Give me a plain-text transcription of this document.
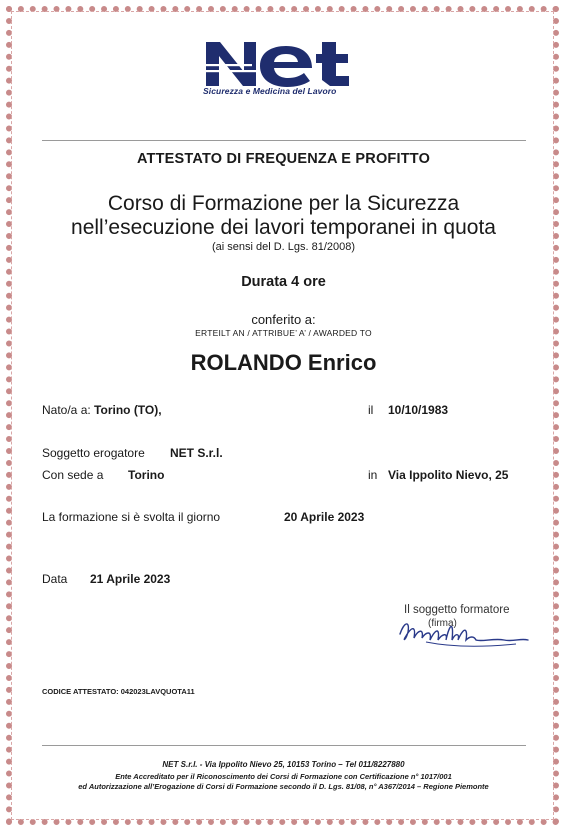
Sicurezza e Medicina del Lavoro
ATTESTATO DI FREQUENZA E PROFITTO
Corso di Formazione per la Sicurezza
nell’esecuzione dei lavori temporanei in quota
(ai sensi del D. Lgs. 81/2008)
Durata 4 ore
conferito a:
ERTEILT AN / ATTRIBUE’ A’ / AWARDED TO
ROLANDO Enrico
Nato/a a: Torino (TO),	il 10/10/1983
Soggetto erogatore NET S.r.l.
Con sede a Torino	in Via Ippolito Nievo, 25
La formazione si è svolta il giorno	20 Aprile 2023
Data 21 Aprile 2023
Il soggetto formatore
(firma)
CODICE ATTESTATO: 042023LAVQUOTA11
NET S.r.l. - Via Ippolito Nievo 25, 10153 Torino – Tel 011/8227880
Ente Accreditato per il Riconoscimento dei Corsi di Formazione con Certificazione n° 1017/001
ed Autorizzazione all’Erogazione di Corsi di Formazione secondo il D. Lgs. 81/08, n° A367/2014 – Regione Piemonte
